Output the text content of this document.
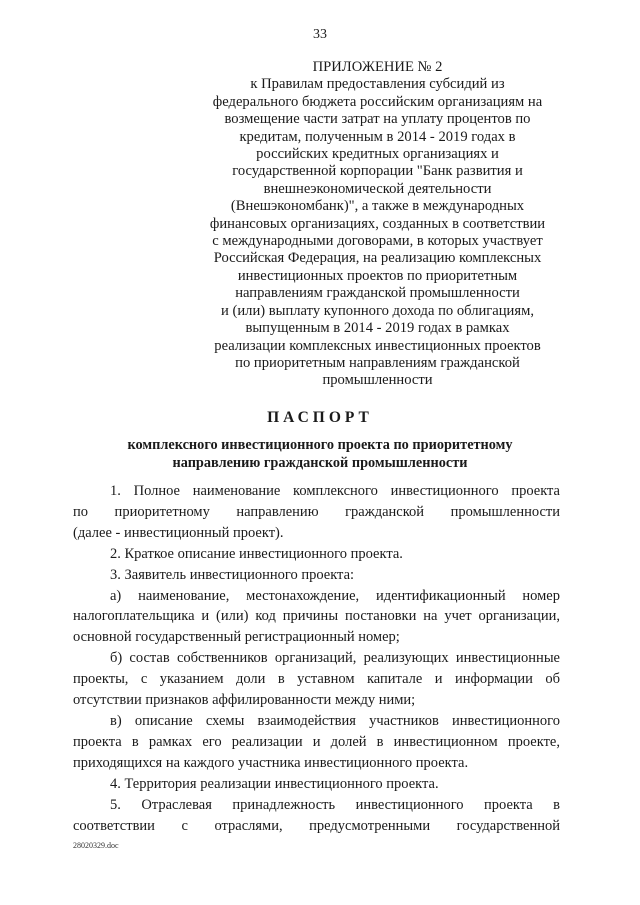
33
ПРИЛОЖЕНИЕ № 2
к Правилам предоставления субсидий из
федерального бюджета российским организациям на
возмещение части затрат на уплату процентов по
кредитам, полученным в 2014 - 2019 годах в
российских кредитных организациях и
государственной корпорации "Банк развития и
внешнеэкономической деятельности
(Внешэкономбанк)", а также в международных
финансовых организациях, созданных в соответствии
с международными договорами, в которых участвует
Российская Федерация, на реализацию комплексных
инвестиционных проектов по приоритетным
направлениям гражданской промышленности
и (или) выплату купонного дохода по облигациям,
выпущенным в 2014 - 2019 годах в рамках
реализации комплексных инвестиционных проектов
по приоритетным направлениям гражданской
промышленности
ПАСПОРТ
комплексного инвестиционного проекта по приоритетному
направлению гражданской промышленности
1. Полное наименование комплексного инвестиционного проекта
по приоритетному направлению гражданской промышленности
(далее - инвестиционный проект).
2. Краткое описание инвестиционного проекта.
3. Заявитель инвестиционного проекта:
а) наименование, местонахождение, идентификационный номер
налогоплательщика и (или) код причины постановки на учет организации,
основной государственный регистрационный номер;
б) состав собственников организаций, реализующих инвестиционные
проекты, с указанием доли в уставном капитале и информации об
отсутствии признаков аффилированности между ними;
в) описание схемы взаимодействия участников инвестиционного
проекта в рамках его реализации и долей в инвестиционном проекте,
приходящихся на каждого участника инвестиционного проекта.
4. Территория реализации инвестиционного проекта.
5. Отраслевая принадлежность инвестиционного проекта в
соответствии с отраслями, предусмотренными государственной
28020329.doc
